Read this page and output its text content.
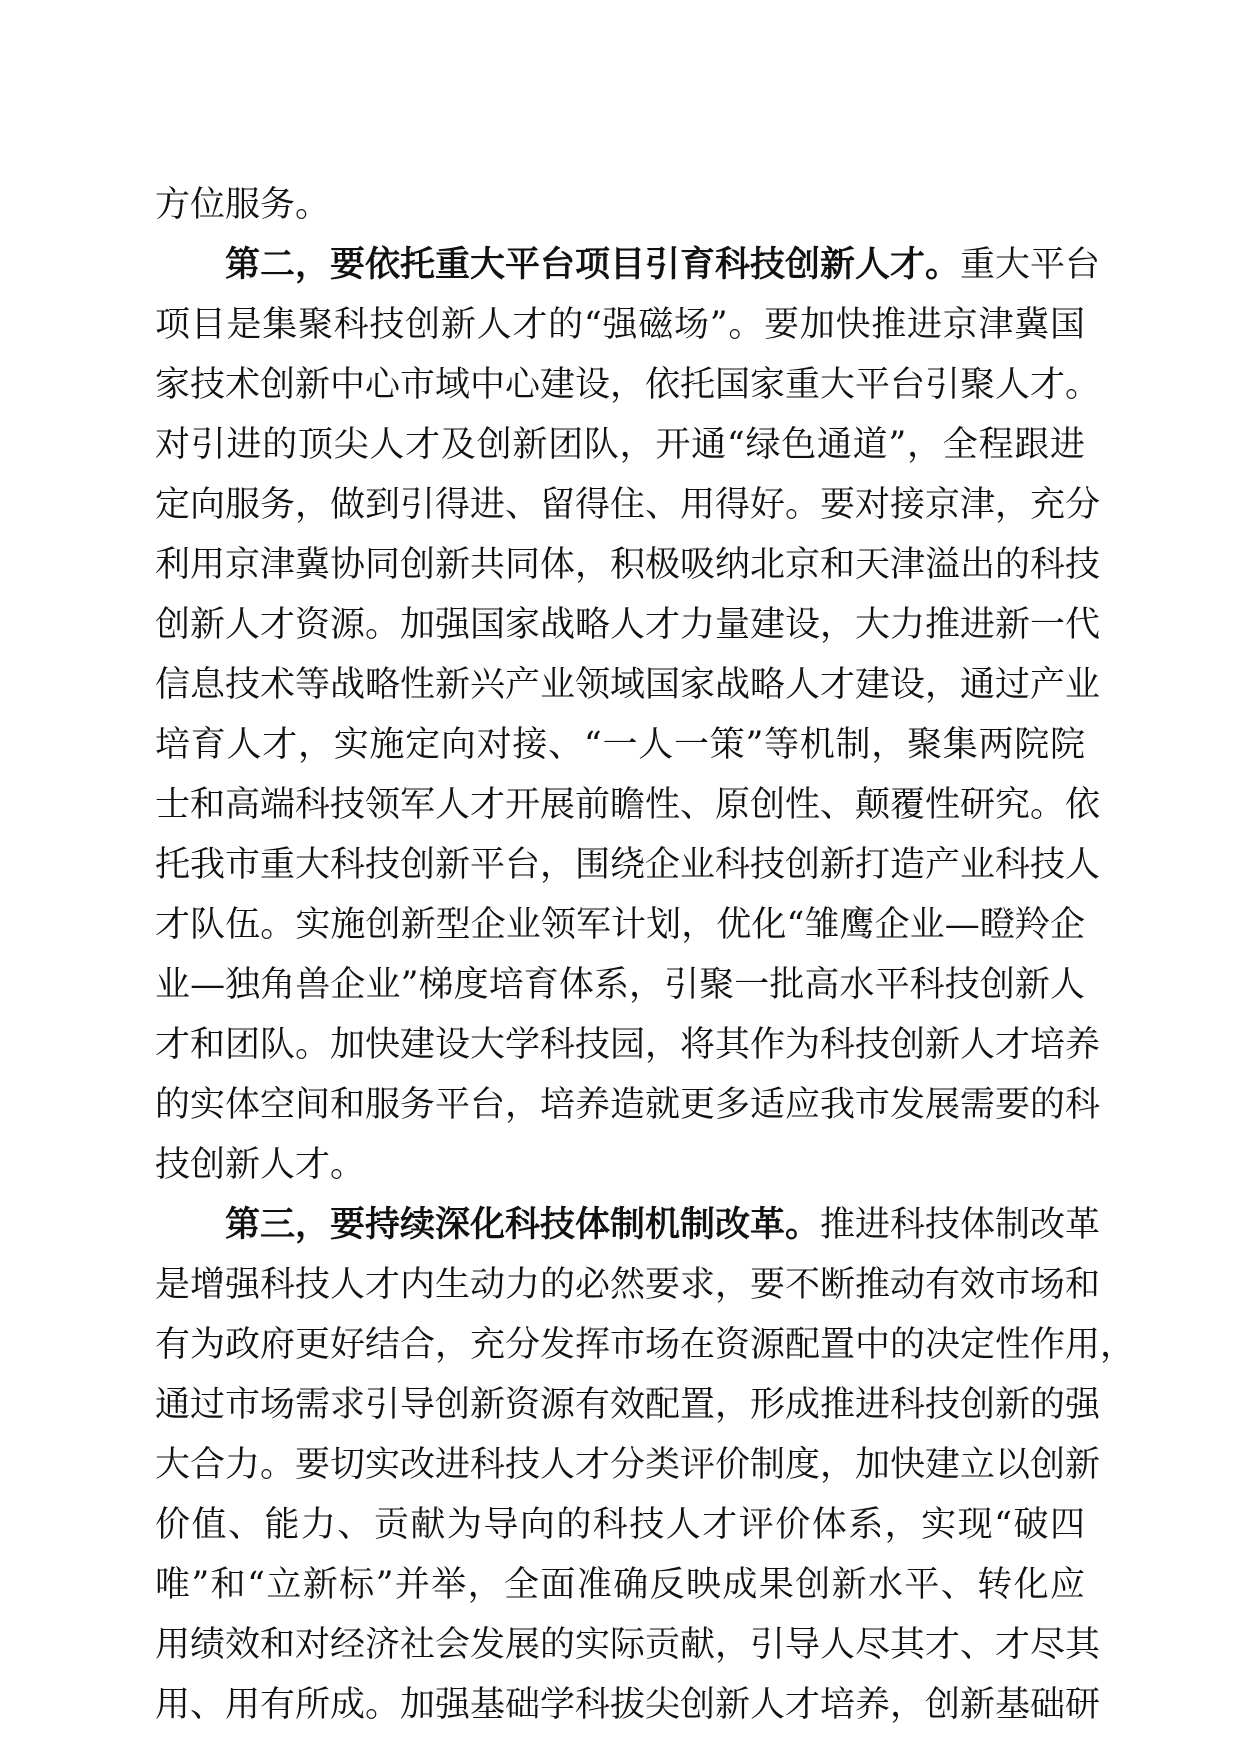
方位服务。
第二，要依托重大平台项目引育科技创新人才。重大平台
项目是集聚科技创新人才的“强磁场”。要加快推进京津冀国
家技术创新中心市域中心建设，依托国家重大平台引聚人才。
对引进的顶尖人才及创新团队，开通“绿色通道”，全程跟进
定向服务，做到引得进、留得住、用得好。要对接京津，充分
利用京津冀协同创新共同体，积极吸纳北京和天津溢出的科技
创新人才资源。加强国家战略人才力量建设，大力推进新一代
信息技术等战略性新兴产业领域国家战略人才建设，通过产业
培育人才，实施定向对接、“一人一策”等机制，聚集两院院
士和高端科技领军人才开展前瞻性、原创性、颠覆性研究。依
托我市重大科技创新平台，围绕企业科技创新打造产业科技人
才队伍。实施创新型企业领军计划，优化“雏鹰企业—瞪羚企
业—独角兽企业”梯度培育体系，引聚一批高水平科技创新人
才和团队。加快建设大学科技园，将其作为科技创新人才培养
的实体空间和服务平台，培养造就更多适应我市发展需要的科
技创新人才。
第三，要持续深化科技体制机制改革。推进科技体制改革
是增强科技人才内生动力的必然要求，要不断推动有效市场和
有为政府更好结合，充分发挥市场在资源配置中的决定性作用，
通过市场需求引导创新资源有效配置，形成推进科技创新的强
大合力。要切实改进科技人才分类评价制度，加快建立以创新
价值、能力、贡献为导向的科技人才评价体系，实现“破四
唯”和“立新标”并举，全面准确反映成果创新水平、转化应
用绩效和对经济社会发展的实际贡献，引导人尽其才、才尽其
用、用有所成。加强基础学科拔尖创新人才培养，创新基础研
